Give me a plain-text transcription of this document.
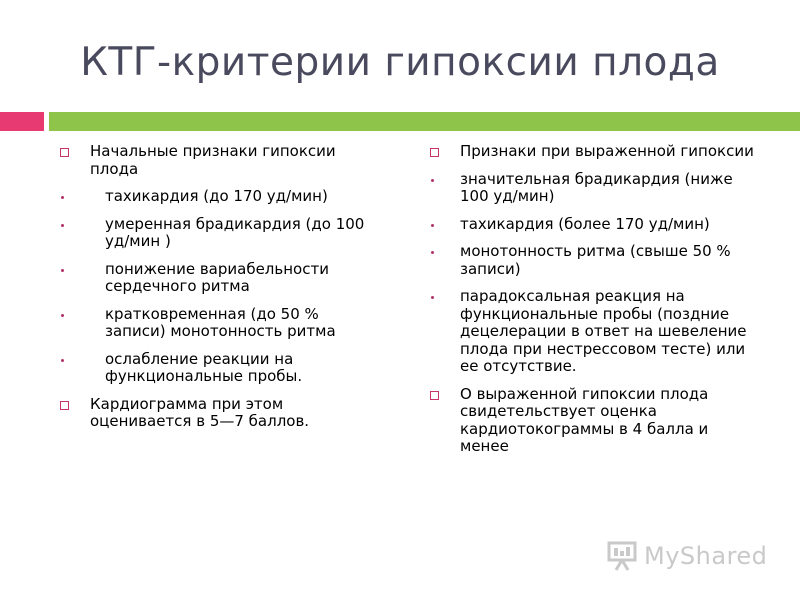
КТГ-критерии гипоксии плода
Начальные признаки гипоксии плода
тахикардия (до 170 уд/мин)
умеренная брадикардия (до 100 уд/мин )
понижение вариабельности сердечного ритма
кратковременная (до 50 % записи) монотонность ритма
ослабление реакции на функциональные пробы.
Кардиограмма при этом оценивается в 5—7 баллов.
Признаки при выраженной гипоксии
значительная брадикардия (ниже 100 уд/мин)
тахикардия (более 170 уд/мин)
монотонность ритма (свыше 50 % записи)
парадоксальная реакция на функциональные пробы (поздние децелерации в ответ на шевеление плода при нестрессовом тесте) или ее отсутствие.
О выраженной гипоксии плода свидетельствует оценка кардиотокограммы в 4 балла и менее
MyShared
